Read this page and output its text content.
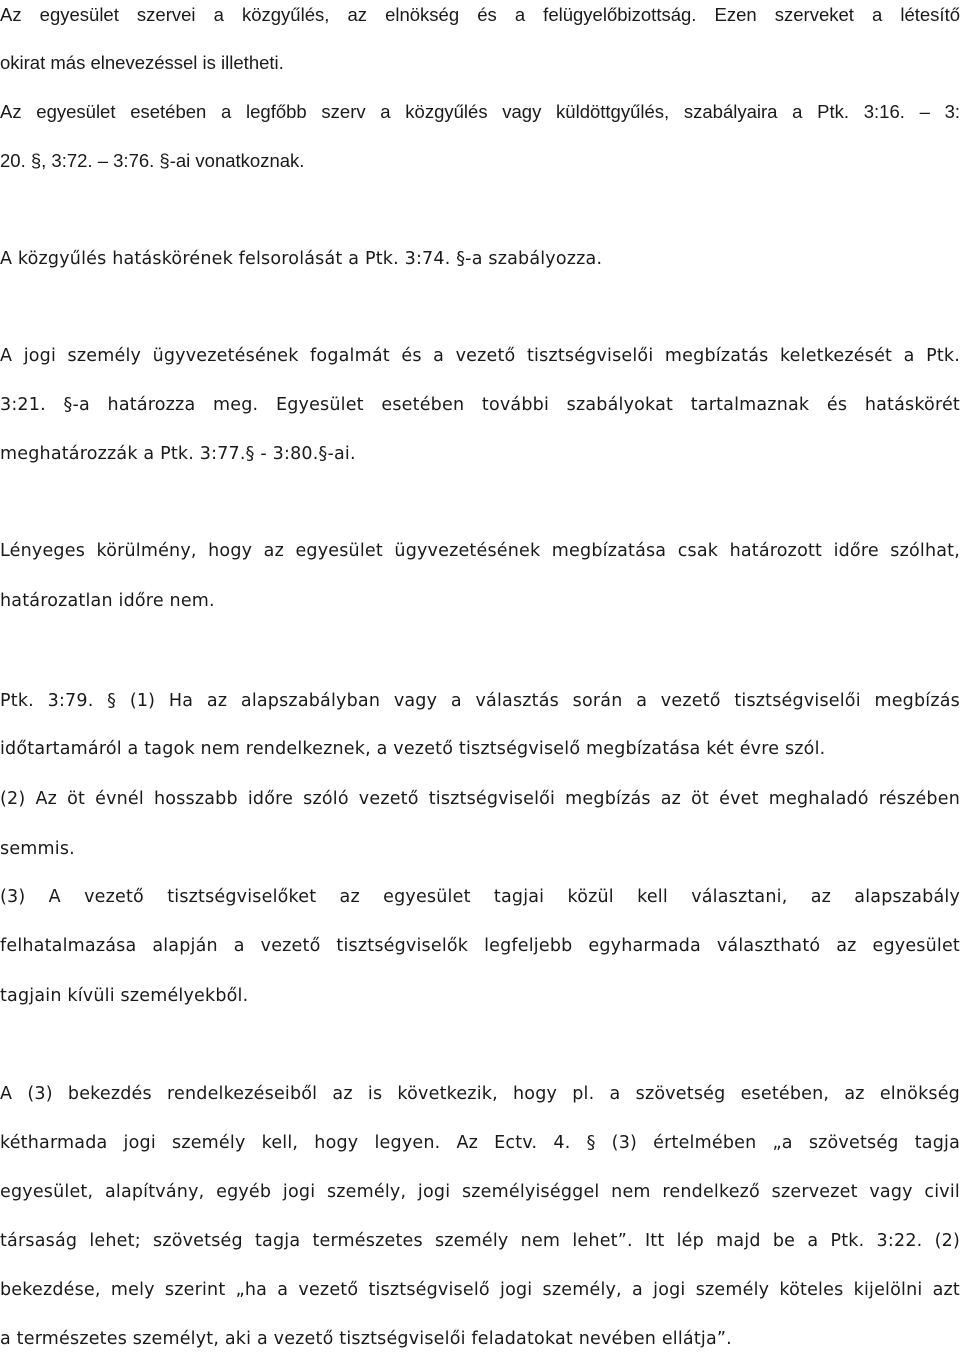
Az egyesület szervei a közgyűlés, az elnökség és a felügyelőbizottság. Ezen szerveket a létesítő

okirat más elnevezéssel is illetheti.

Az egyesület esetében a legfőbb szerv a közgyűlés vagy küldöttgyűlés, szabályaira a Ptk. 3:16. – 3:

20. §, 3:72. – 3:76. §-ai vonatkoznak.

A közgyűlés hatáskörének felsorolását a Ptk. 3:74. §-a szabályozza.

A jogi személy ügyvezetésének fogalmát és a vezető tisztségviselői megbízatás keletkezését a Ptk.

3:21. §-a határozza meg. Egyesület esetében további szabályokat tartalmaznak és hatáskörét

meghatározzák a Ptk. 3:77.§ - 3:80.§-ai.

Lényeges körülmény, hogy az egyesület ügyvezetésének megbízatása csak határozott időre szólhat,

határozatlan időre nem.

Ptk. 3:79. § (1) Ha az alapszabályban vagy a választás során a vezető tisztségviselői megbízás

időtartamáról a tagok nem rendelkeznek, a vezető tisztségviselő megbízatása két évre szól.

(2) Az öt évnél hosszabb időre szóló vezető tisztségviselői megbízás az öt évet meghaladó részében

semmis.

(3) A vezető tisztségviselőket az egyesület tagjai közül kell választani, az alapszabály

felhatalmazása alapján a vezető tisztségviselők legfeljebb egyharmada választható az egyesület

tagjain kívüli személyekből.

A (3) bekezdés rendelkezéseiből az is következik, hogy pl. a szövetség esetében, az elnökség

kétharmada jogi személy kell, hogy legyen. Az Ectv. 4. § (3) értelmében „a szövetség tagja

egyesület, alapítvány, egyéb jogi személy, jogi személyiséggel nem rendelkező szervezet vagy civil

társaság lehet; szövetség tagja természetes személy nem lehet”. Itt lép majd be a Ptk. 3:22. (2)

bekezdése, mely szerint „ha a vezető tisztségviselő jogi személy, a jogi személy köteles kijelölni azt

a természetes személyt, aki a vezető tisztségviselői feladatokat nevében ellátja”.
